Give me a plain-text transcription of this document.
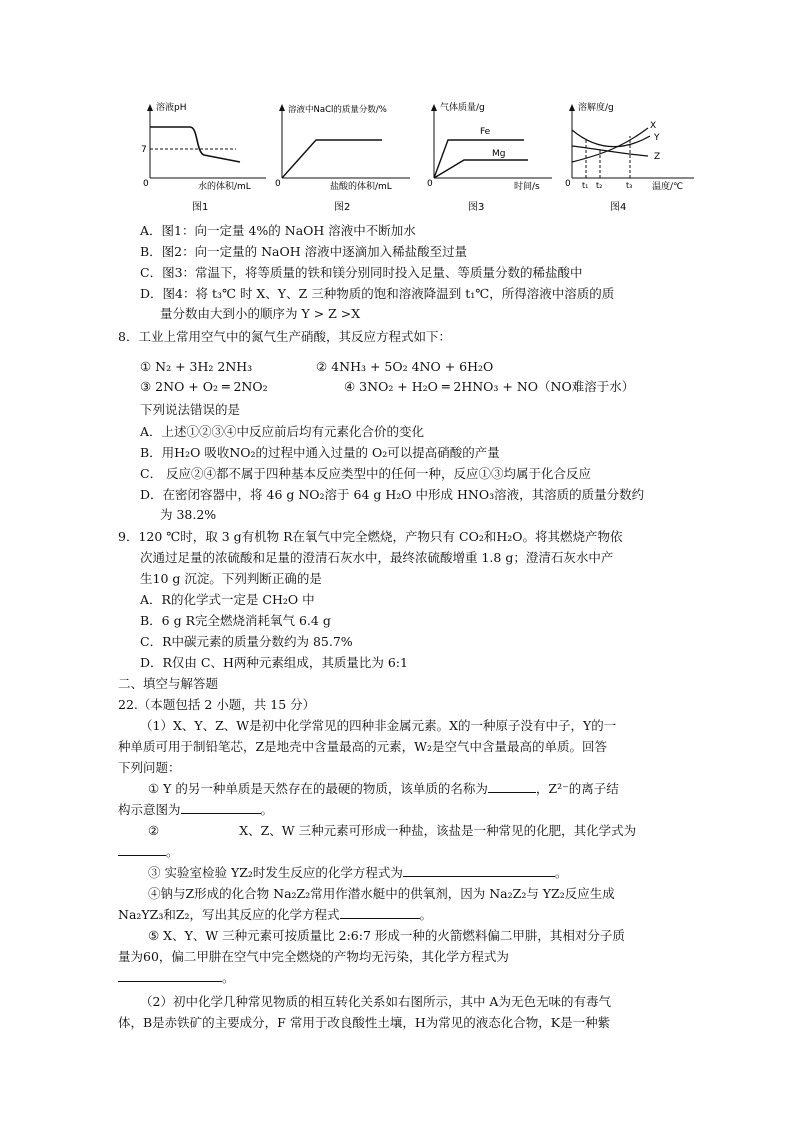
溶液pH
7
0	水的体积/mL
图1
溶液中NaCl的质量分数/%
0	盐酸的体积/mL
图2
气体质量/g
Fe
Mg
0	时间/s
图3
溶解度/g
X
Y
Z
0 t₁ t₂	t₃ 温度/℃
图4
A．图1：向一定量 4%的 NaOH 溶液中不断加水
B．图2：向一定量的 NaOH 溶液中逐滴加入稀盐酸至过量
C．图3：常温下，将等质量的铁和镁分别同时投入足量、等质量分数的稀盐酸中
D．图4：将 t₃℃ 时 X、Y、Z 三种物质的饱和溶液降温到 t₁℃，所得溶液中溶质的质
量分数由大到小的顺序为 Y > Z >X
8．工业上常用空气中的氮气生产硝酸，其反应方程式如下：
① N₂ + 3H₂ 2NH₃	② 4NH₃ + 5O₂ 4NO + 6H₂O
③ 2NO + O₂ ═ 2NO₂	④ 3NO₂ + H₂O ═ 2HNO₃ + NO（NO难溶于水）
下列说法错误的是
A．上述①②③④中反应前后均有元素化合价的变化
B．用H₂O 吸收NO₂的过程中通入过量的 O₂可以提高硝酸的产量
C． 反应②④都不属于四种基本反应类型中的任何一种，反应①③均属于化合反应
D．在密闭容器中，将 46 g NO₂溶于 64 g H₂O 中形成 HNO₃溶液，其溶质的质量分数约
为 38.2%
9．120 ℃时，取 3 g有机物 R在氧气中完全燃烧，产物只有 CO₂和H₂O。将其燃烧产物依
次通过足量的浓硫酸和足量的澄清石灰水中，最终浓硫酸增重 1.8 g；澄清石灰水中产
生10 g 沉淀。下列判断正确的是
A．R的化学式一定是 CH₂O 中
B．6 g R完全燃烧消耗氧气 6.4 g
C．R中碳元素的质量分数约为 85.7%
D．R仅由 C、H两种元素组成，其质量比为 6:1
二、填空与解答题
22.（本题包括 2 小题，共 15 分）
（1）X、Y、Z、W是初中化学常见的四种非金属元素。X的一种原子没有中子，Y的一
种单质可用于制铅笔芯，Z是地壳中含量最高的元素，W₂是空气中含量最高的单质。回答
下列问题：
① Y 的另一种单质是天然存在的最硬的物质，该单质的名称为	，Z²⁻的离子结
构示意图为	。
②	X、Z、W 三种元素可形成一种盐，该盐是一种常见的化肥，其化学式为
。
③ 实验室检验 YZ₂时发生反应的化学方程式为	。
④钠与Z形成的化合物 Na₂Z₂常用作潜水艇中的供氧剂，因为 Na₂Z₂与 YZ₂反应生成
Na₂YZ₃和Z₂，写出其反应的化学方程式	。
⑤ X、Y、W 三种元素可按质量比 2:6:7 形成一种的火箭燃料偏二甲肼，其相对分子质
量为60，偏二甲肼在空气中完全燃烧的产物均无污染，其化学方程式为
。
（2）初中化学几种常见物质的相互转化关系如右图所示，其中 A为无色无味的有毒气
体，B是赤铁矿的主要成分，F 常用于改良酸性土壤，H为常见的液态化合物，K是一种紫
